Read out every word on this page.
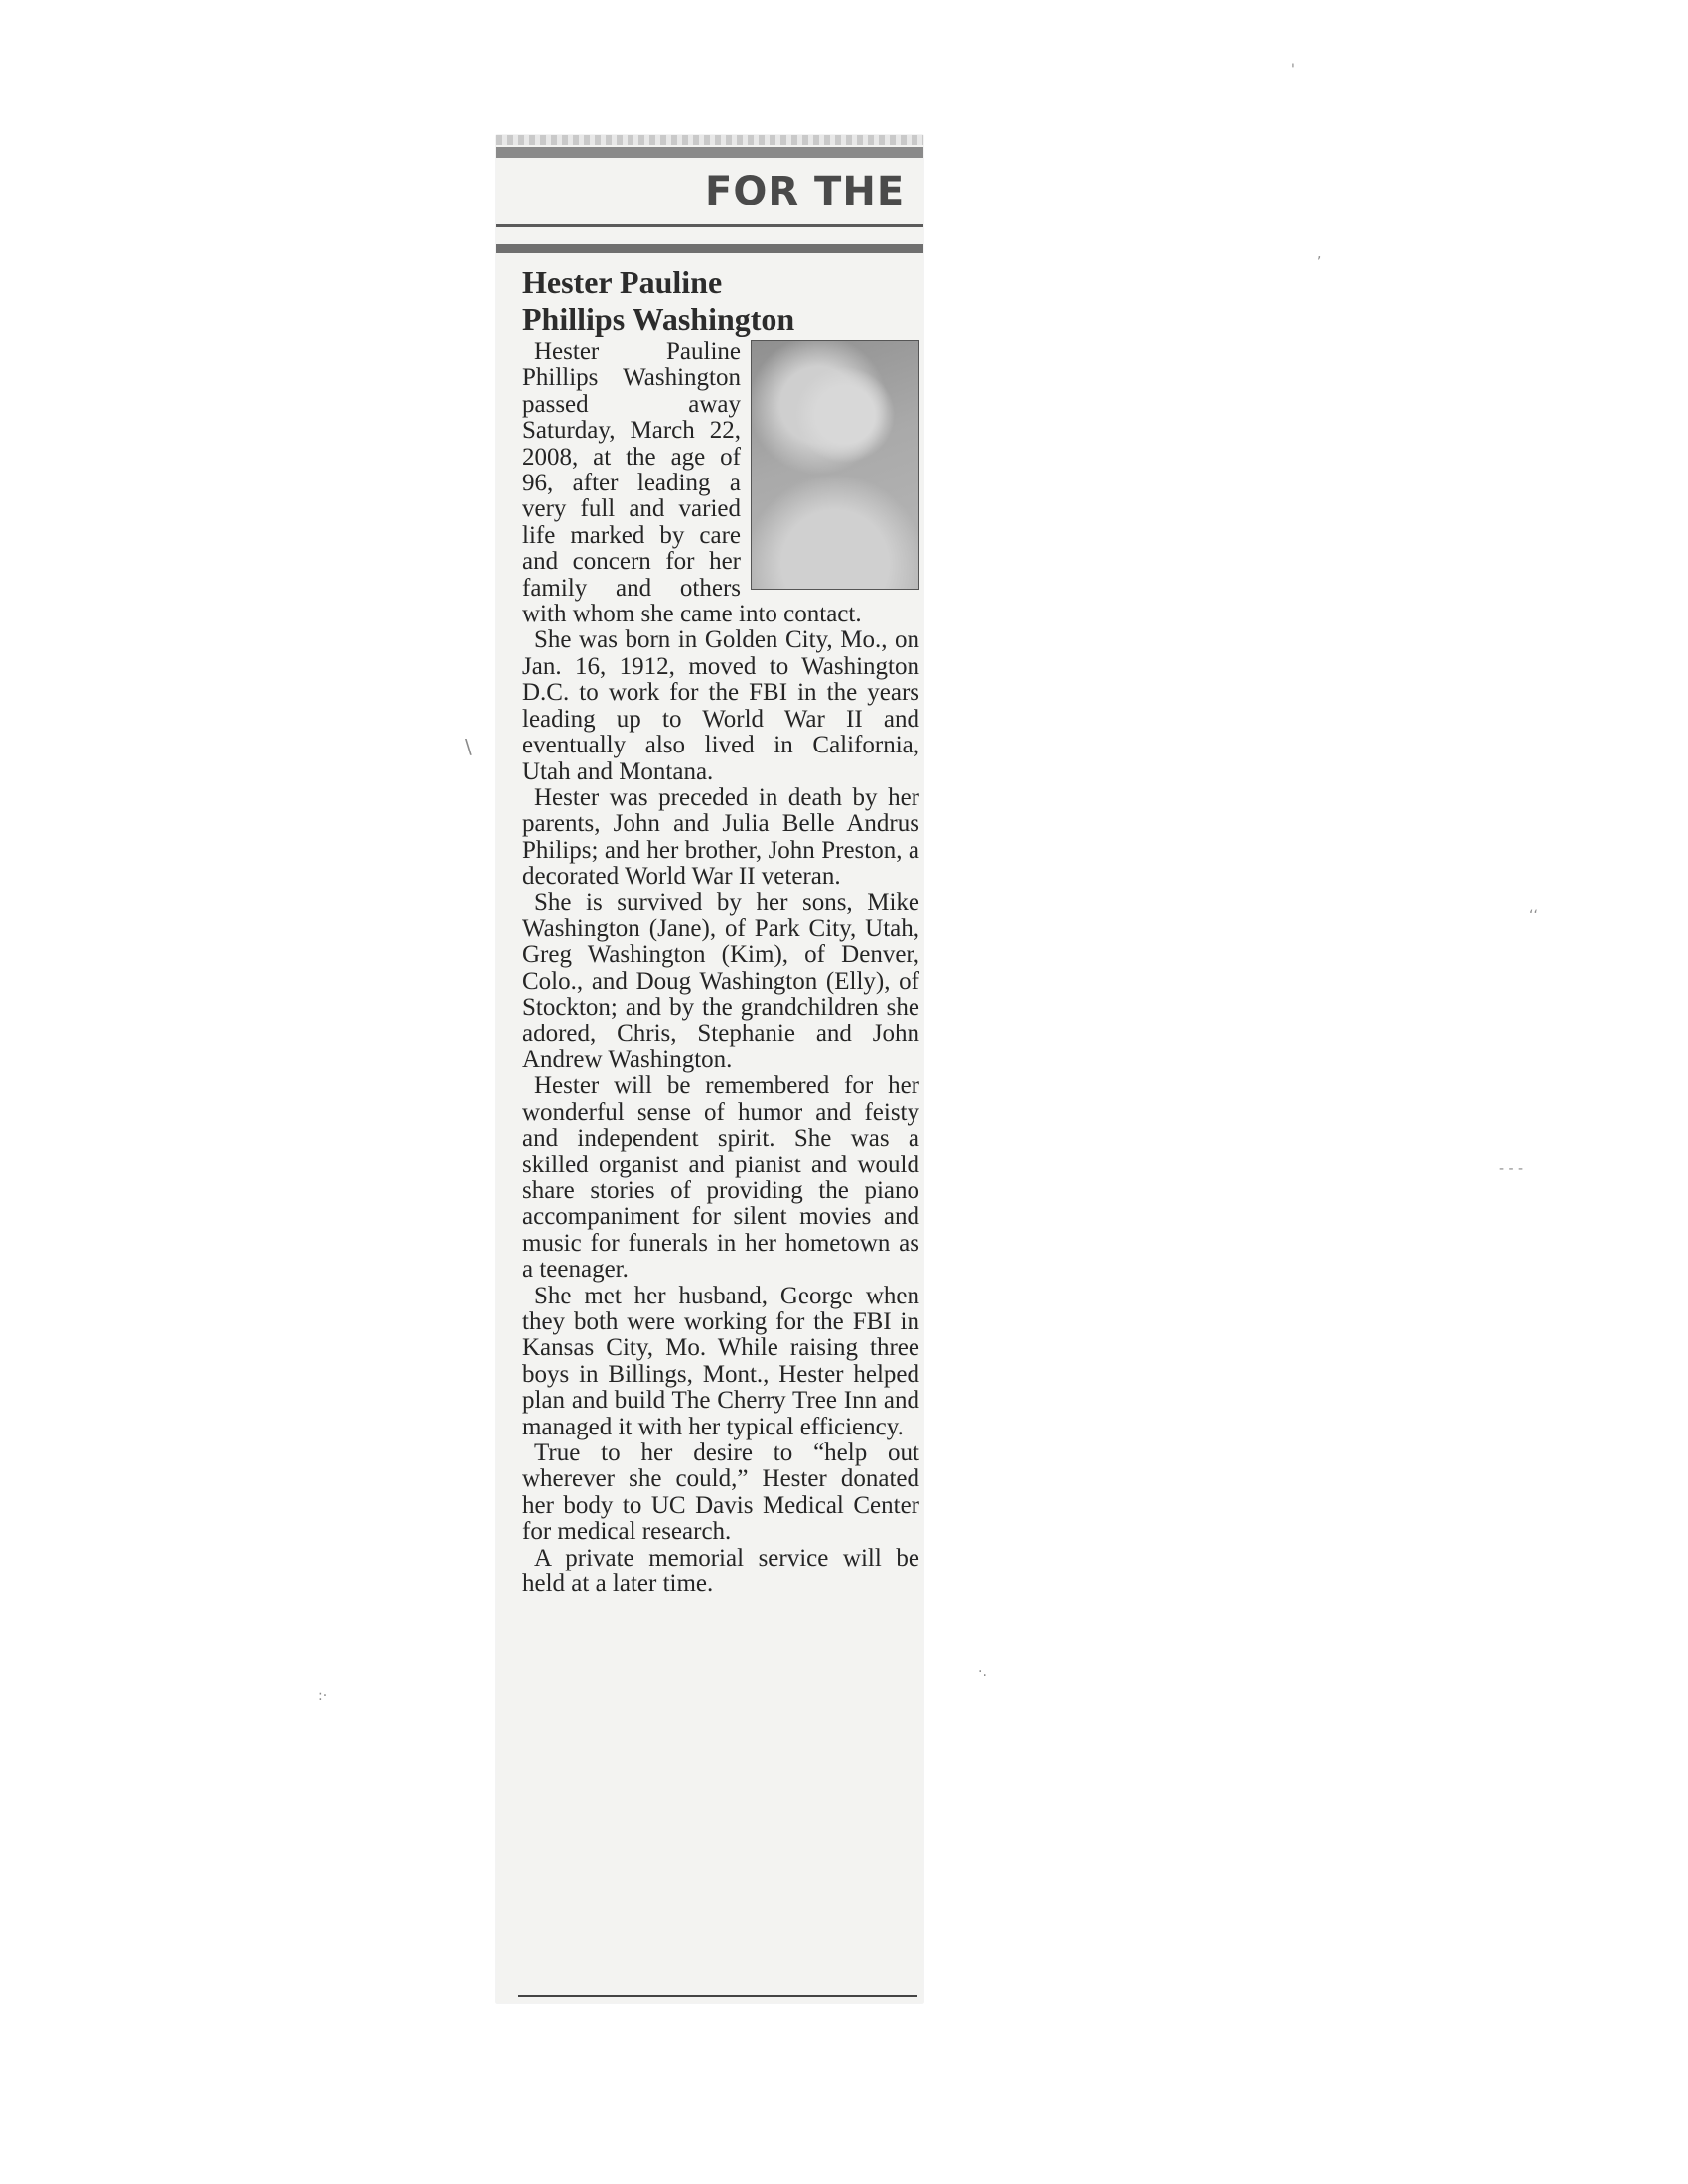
FOR THE
Hester Pauline
Phillips Washington

Hester Pauline Phillips Washington passed away Saturday, March 22, 2008, at the age of 96, after leading a very full and varied life marked by care and concern for her family and others with whom she came into contact.

She was born in Golden City, Mo., on Jan. 16, 1912, moved to Washington D.C. to work for the FBI in the years leading up to World War II and eventually also lived in California, Utah and Montana.

Hester was preceded in death by her parents, John and Julia Belle Andrus Philips; and her brother, John Preston, a decorated World War II veteran.

She is survived by her sons, Mike Washington (Jane), of Park City, Utah, Greg Washington (Kim), of Denver, Colo., and Doug Washington (Elly), of Stockton; and by the grandchildren she adored, Chris, Stephanie and John Andrew Washington.

Hester will be remembered for her wonderful sense of humor and feisty and independent spirit. She was a skilled organist and pianist and would share stories of providing the piano accompaniment for silent movies and music for funerals in her hometown as a teenager.

She met her husband, George when they both were working for the FBI in Kansas City, Mo. While raising three boys in Billings, Mont., Hester helped plan and build The Cherry Tree Inn and managed it with her typical efficiency.

True to her desire to “help out wherever she could,” Hester donated her body to UC Davis Medical Center for medical research.

A private memorial service will be held at a later time.

'
,
\
‘‘
- - -
:·
·.
